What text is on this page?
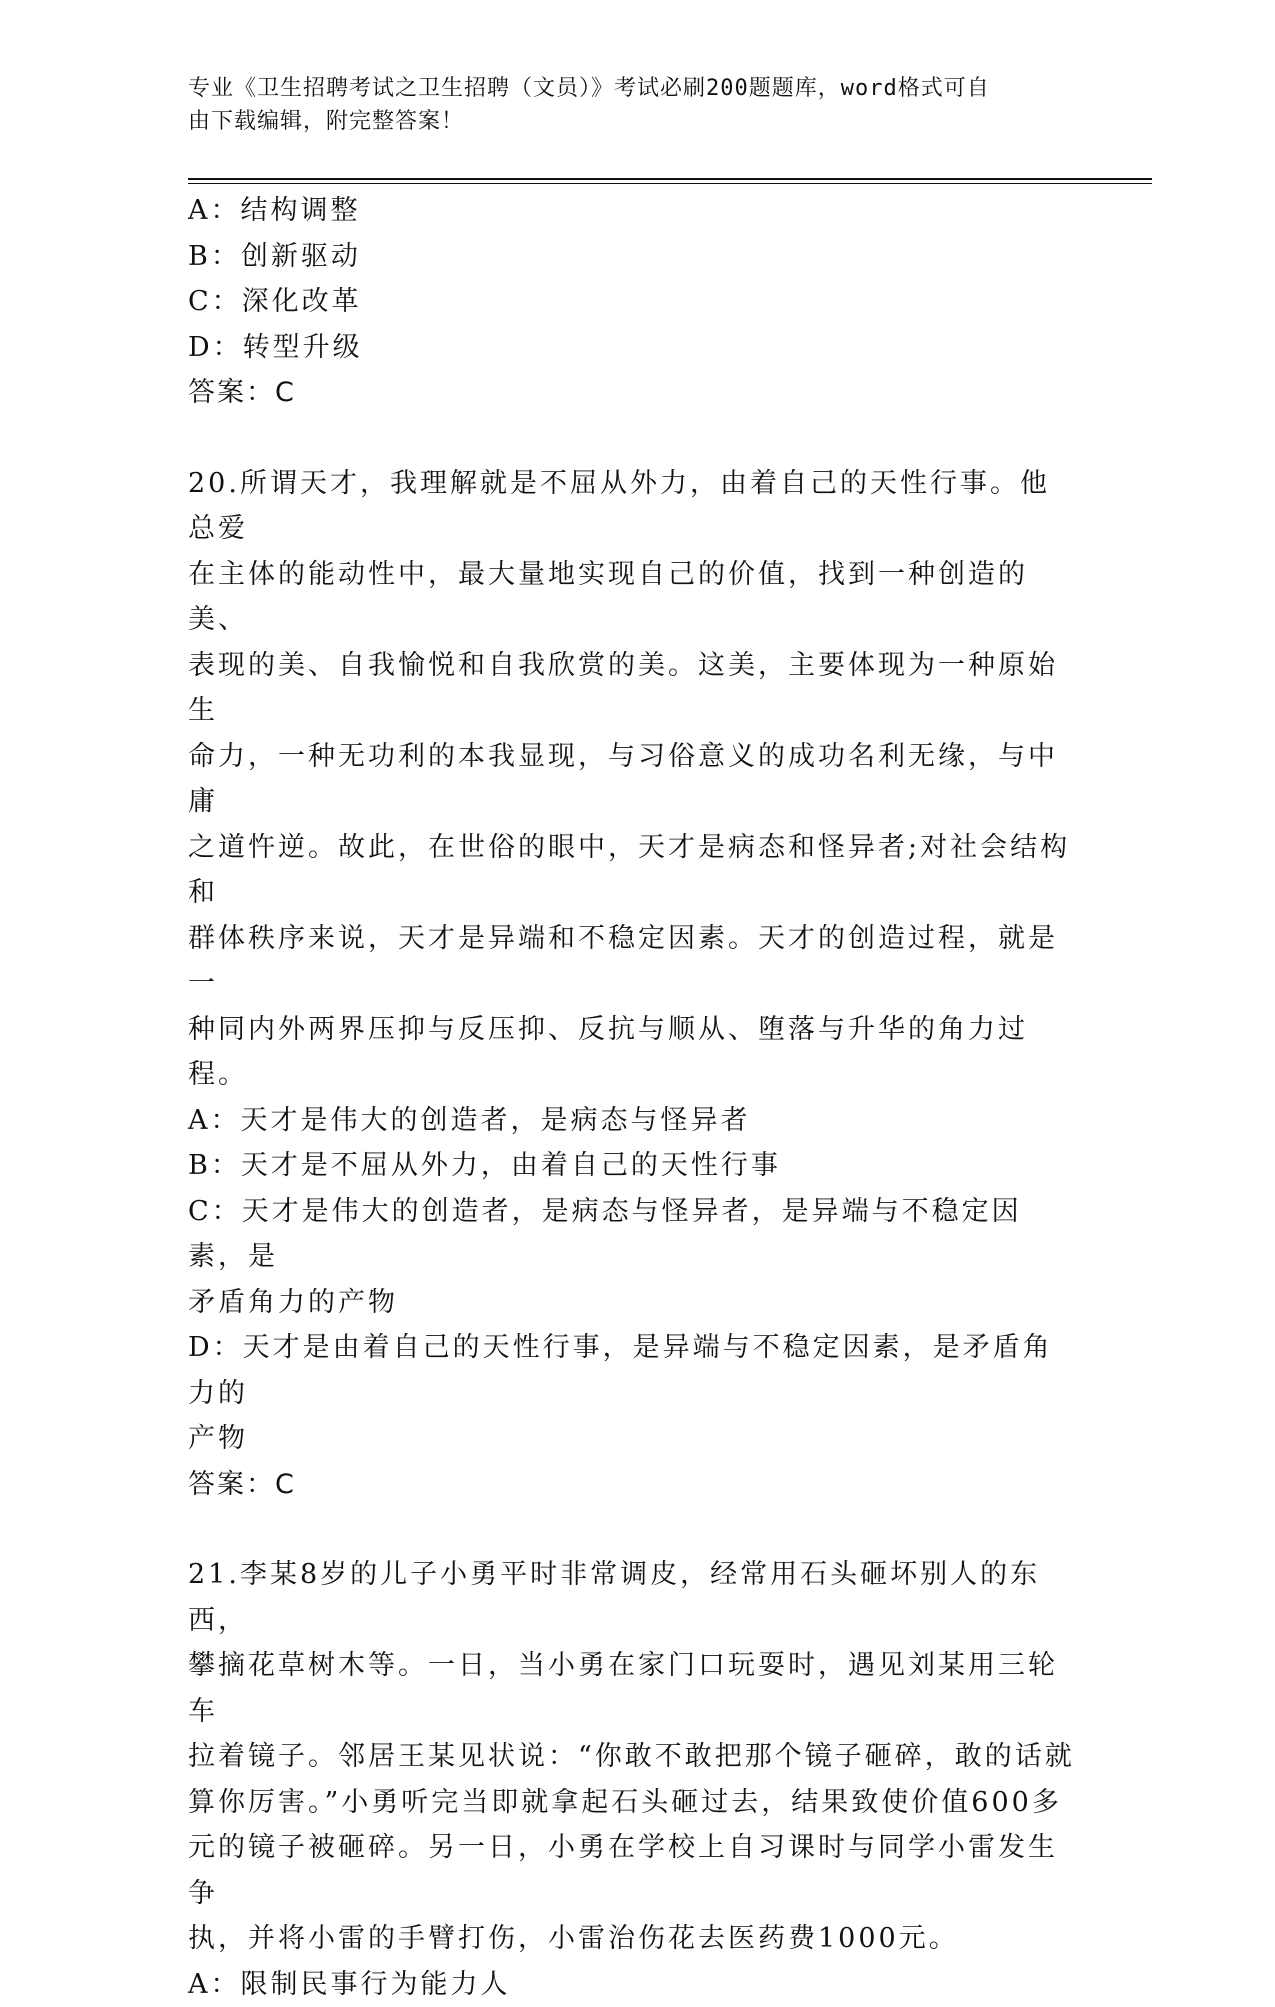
专业《卫生招聘考试之卫生招聘（文员）》考试必刷200题题库，word格式可自
由下载编辑，附完整答案！
A：结构调整
B：创新驱动
C：深化改革
D：转型升级
答案：C
20.所谓天才，我理解就是不屈从外力，由着自己的天性行事。他总爱
在主体的能动性中，最大量地实现自己的价值，找到一种创造的美、
表现的美、自我愉悦和自我欣赏的美。这美，主要体现为一种原始生
命力，一种无功利的本我显现，与习俗意义的成功名利无缘，与中庸
之道忤逆。故此，在世俗的眼中，天才是病态和怪异者;对社会结构和
群体秩序来说，天才是异端和不稳定因素。天才的创造过程，就是一
种同内外两界压抑与反压抑、反抗与顺从、堕落与升华的角力过程。
A：天才是伟大的创造者，是病态与怪异者
B：天才是不屈从外力，由着自己的天性行事
C：天才是伟大的创造者，是病态与怪异者，是异端与不稳定因素，是
矛盾角力的产物
D：天才是由着自己的天性行事，是异端与不稳定因素，是矛盾角力的
产物
答案：C
21.李某8岁的儿子小勇平时非常调皮，经常用石头砸坏别人的东西，
攀摘花草树木等。一日，当小勇在家门口玩耍时，遇见刘某用三轮车
拉着镜子。邻居王某见状说：“你敢不敢把那个镜子砸碎，敢的话就
算你厉害。”小勇听完当即就拿起石头砸过去，结果致使价值600多
元的镜子被砸碎。另一日，小勇在学校上自习课时与同学小雷发生争
执，并将小雷的手臂打伤，小雷治伤花去医药费1000元。
A：限制民事行为能力人
